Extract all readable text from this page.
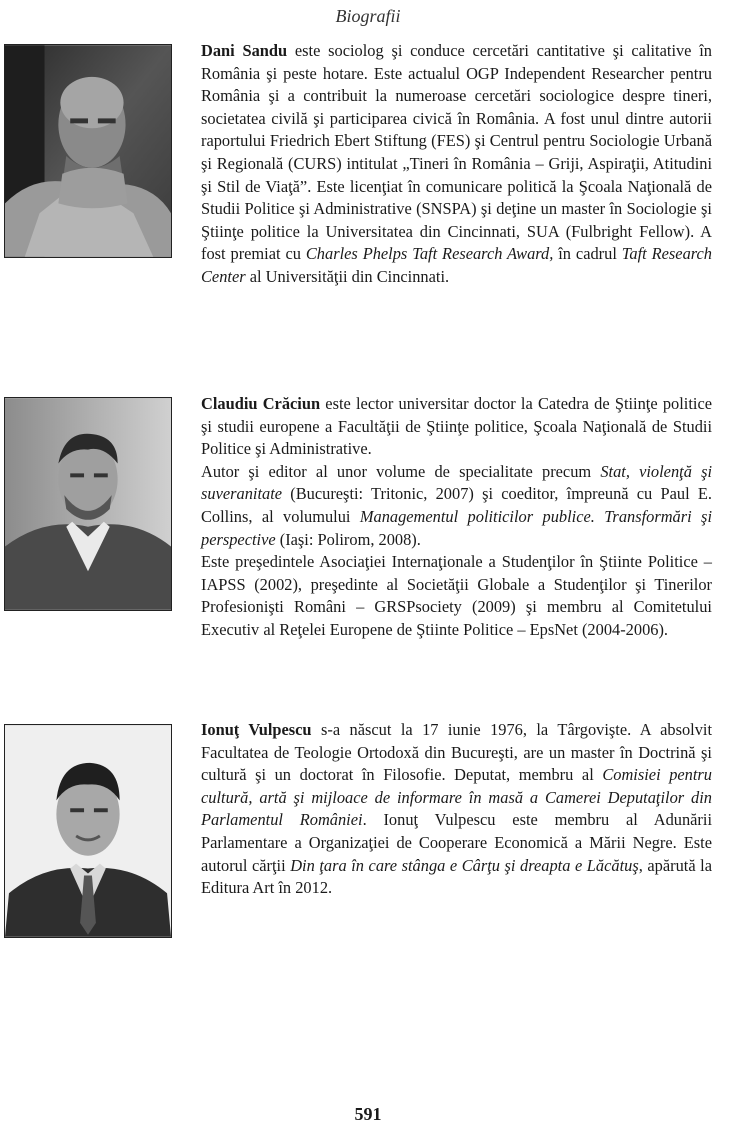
Biografii

Dani Sandu este sociolog şi conduce cercetări cantitative şi calitative în România şi peste hotare. Este actualul OGP Independent Researcher pentru România şi a contribuit la numeroase cercetări sociologice despre tineri, societatea civilă şi participarea civică în România. A fost unul dintre autorii raportului Friedrich Ebert Stiftung (FES) şi Centrul pentru Sociologie Urbană şi Regională (CURS) intitulat „Tineri în România – Griji, Aspiraţii, Atitudini şi Stil de Viaţă”. Este licenţiat în comunicare politică la Şcoala Naţională de Studii Politice şi Administrative (SNSPA) şi deţine un master în Sociologie şi Ştiinţe politice la Universitatea din Cincinnati, SUA (Fulbright Fellow). A fost premiat cu Charles Phelps Taft Research Award, în cadrul Taft Research Center al Universităţii din Cincinnati.

Claudiu Crăciun este lector universitar doctor la Catedra de Ştiinţe politice şi studii europene a Facultăţii de Ştiinţe politice, Şcoala Naţională de Studii Politice şi Administrative.

Autor şi editor al unor volume de specialitate precum Stat, violenţă şi suveranitate (Bucureşti: Tritonic, 2007) şi coeditor, împreună cu Paul E. Collins, al volumului Managementul politicilor publice. Transformări şi perspective (Iaşi: Polirom, 2008).

Este preşedintele Asociaţiei Internaţionale a Studenţilor în Ştiinte Politice – IAPSS (2002), preşedinte al Societăţii Globale a Studenţilor şi Tinerilor Profesionişti Români – GRSPsociety (2009) şi membru al Comitetului Executiv al Reţelei Europene de Ştiinte Politice – EpsNet (2004-2006).

Ionuţ Vulpescu s-a născut la 17 iunie 1976, la Târgovişte. A absolvit Facultatea de Teologie Ortodoxă din Bucureşti, are un master în Doctrină şi cultură şi un doctorat în Filosofie. Deputat, membru al Comisiei pentru cultură, artă şi mijloace de informare în masă a Camerei Deputaţilor din Parlamentul României. Ionuţ Vulpescu este membru al Adunării Parlamentare a Organizaţiei de Cooperare Economică a Mării Negre. Este autorul cărţii Din ţara în care stânga e Cârţu şi dreapta e Lăcătuş, apărută la Editura Art în 2012.

591
